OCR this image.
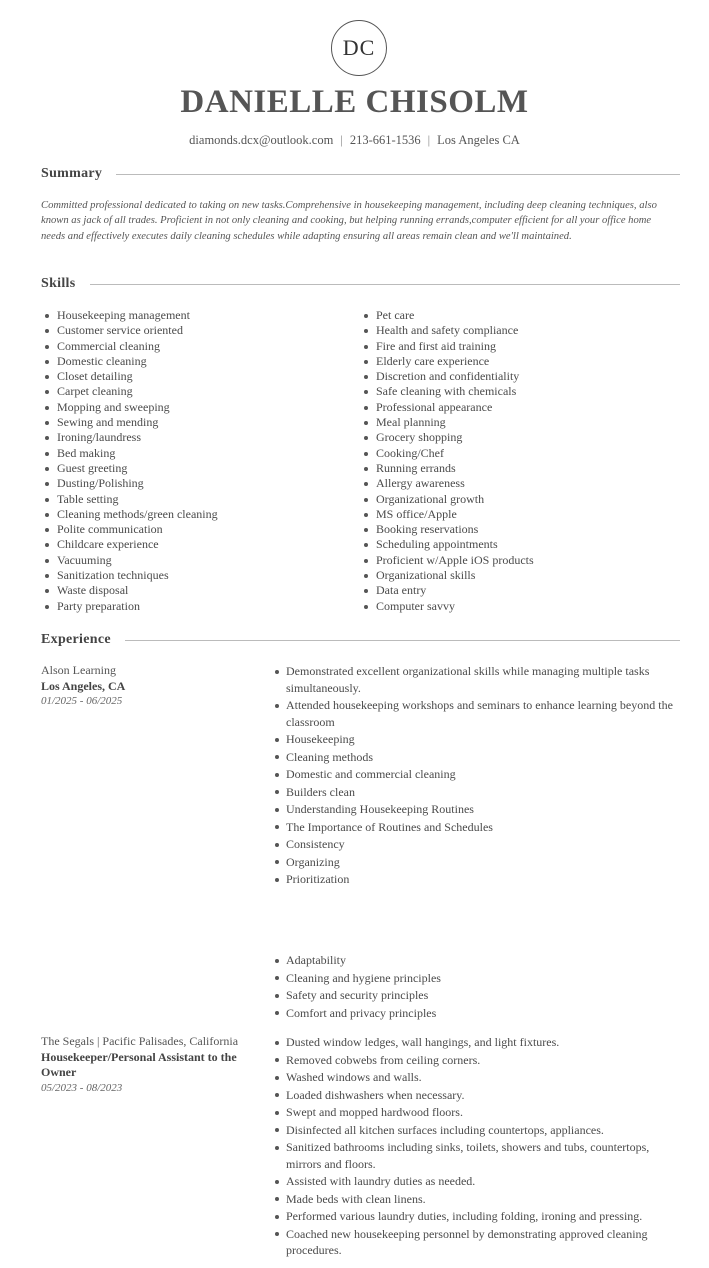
DC
DANIELLE CHISOLM
diamonds.dcx@outlook.com | 213-661-1536 | Los Angeles CA
Summary

Committed professional dedicated to taking on new tasks.Comprehensive in housekeeping management, including deep cleaning techniques, also known as jack of all trades. Proficient in not only cleaning and cooking, but helping running errands,computer efficient for all your office home needs and effectively executes daily cleaning schedules while adapting ensuring all areas remain clean and we'll maintained.

Skills
Housekeeping management
Customer service oriented
Commercial cleaning
Domestic cleaning
Closet detailing
Carpet cleaning
Mopping and sweeping
Sewing and mending
Ironing/laundress
Bed making
Guest greeting
Dusting/Polishing
Table setting
Cleaning methods/green cleaning
Polite communication
Childcare experience
Vacuuming
Sanitization techniques
Waste disposal
Party preparation
Pet care
Health and safety compliance
Fire and first aid training
Elderly care experience
Discretion and confidentiality
Safe cleaning with chemicals
Professional appearance
Meal planning
Grocery shopping
Cooking/Chef
Running errands
Allergy awareness
Organizational growth
MS office/Apple
Booking reservations
Scheduling appointments
Proficient w/Apple iOS products
Organizational skills
Data entry
Computer savvy
Experience
Alson Learning
Los Angeles, CA
01/2025 - 06/2025
Demonstrated excellent organizational skills while managing multiple tasks simultaneously.
Attended housekeeping workshops and seminars to enhance learning beyond the classroom
Housekeeping
Cleaning methods
Domestic and commercial cleaning
Builders clean
Understanding Housekeeping Routines
The Importance of Routines and Schedules
Consistency
Organizing
Prioritization
Adaptability
Cleaning and hygiene principles
Safety and security principles
Comfort and privacy principles
The Segals | Pacific Palisades, California
Housekeeper/Personal Assistant to the Owner
05/2023 - 08/2023
Dusted window ledges, wall hangings, and light fixtures.
Removed cobwebs from ceiling corners.
Washed windows and walls.
Loaded dishwashers when necessary.
Swept and mopped hardwood floors.
Disinfected all kitchen surfaces including countertops, appliances.
Sanitized bathrooms including sinks, toilets, showers and tubs, countertops, mirrors and floors.
Assisted with laundry duties as needed.
Made beds with clean linens.
Performed various laundry duties, including folding, ironing and pressing.
Coached new housekeeping personnel by demonstrating approved cleaning procedures.
